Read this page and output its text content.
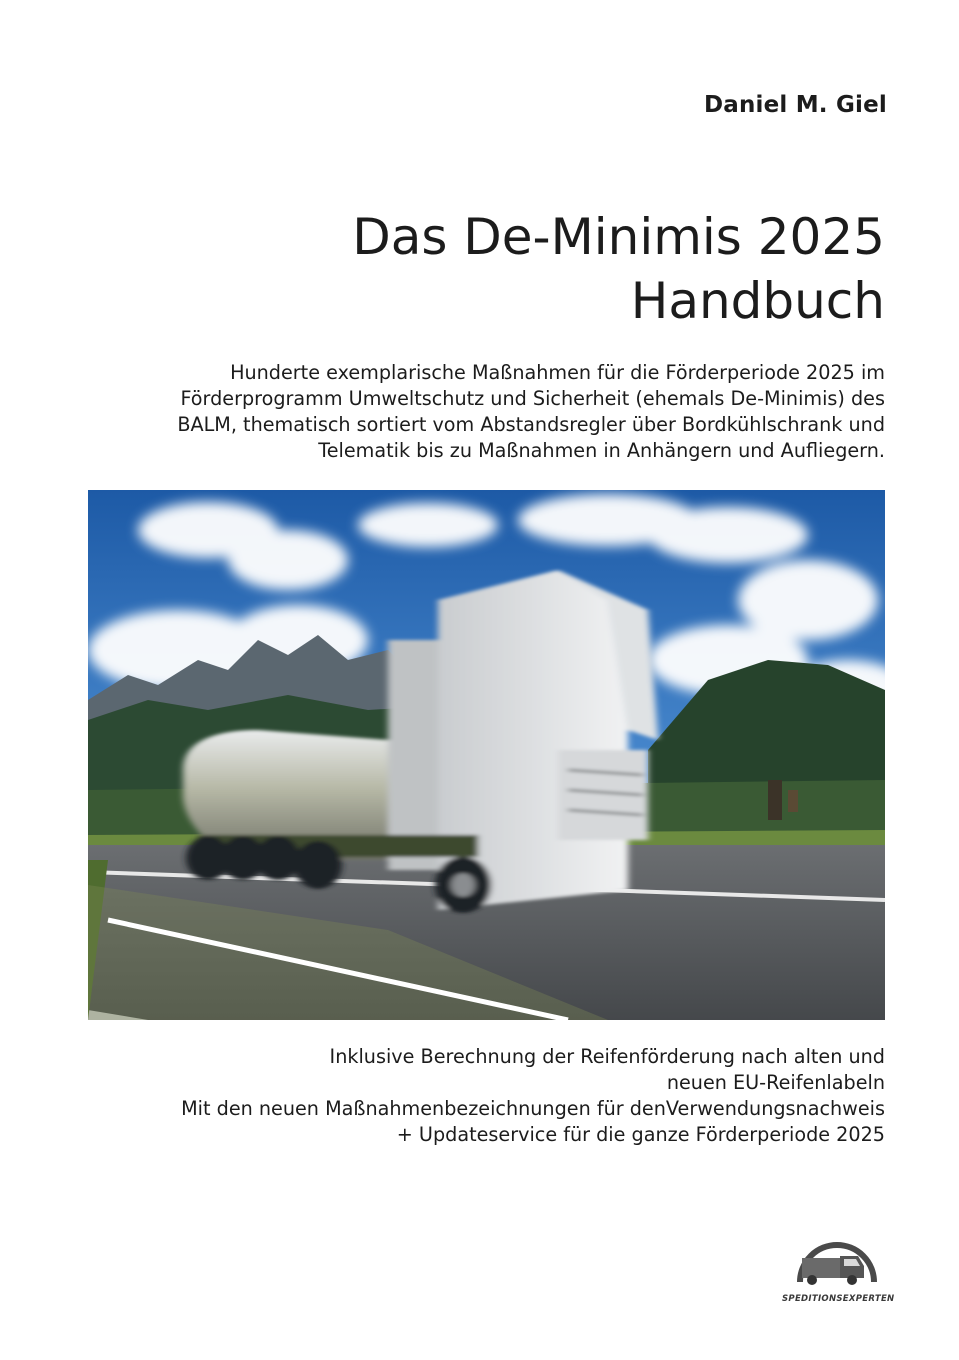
Daniel M. Giel
Das De-Minimis 2025
Handbuch
Hunderte exemplarische Maßnahmen für die Förderperiode 2025 im
Förderprogramm Umweltschutz und Sicherheit (ehemals De-Minimis) des
BALM, thematisch sortiert vom Abstandsregler über Bordkühlschrank und
Telematik bis zu Maßnahmen in Anhängern und Aufliegern.
Inklusive Berechnung der Reifenförderung nach alten und
neuen EU-Reifenlabeln
Mit den neuen Maßnahmenbezeichnungen für denVerwendungsnachweis
+ Updateservice für die ganze Förderperiode 2025
SPEDITIONSEXPERTEN
